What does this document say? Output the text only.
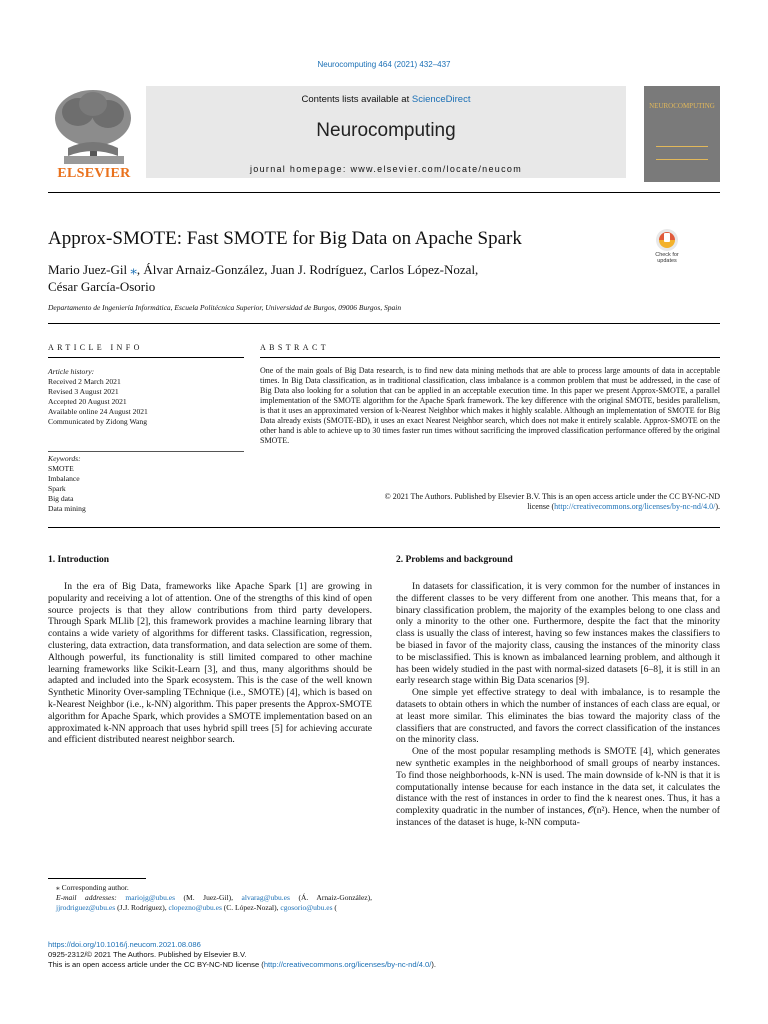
Neurocomputing 464 (2021) 432–437
ELSEVIER
Contents lists available at ScienceDirect
Neurocomputing
journal homepage: www.elsevier.com/locate/neucom
NEUROCOMPUTING
Approx-SMOTE: Fast SMOTE for Big Data on Apache Spark
Check for
updates
Mario Juez-Gil ⁎, Álvar Arnaiz-González, Juan J. Rodríguez, Carlos López-Nozal,
César García-Osorio
Departamento de Ingeniería Informática, Escuela Politécnica Superior, Universidad de Burgos, 09006 Burgos, Spain
ARTICLE INFO	ABSTRACT
Article history:
Received 2 March 2021
Revised 3 August 2021
Accepted 20 August 2021
Available online 24 August 2021
Communicated by Zidong Wang
Keywords:
SMOTE
Imbalance
Spark
Big data
Data mining
One of the main goals of Big Data research, is to find new data mining methods that are able to process large amounts of data in acceptable times. In Big Data classification, as in traditional classification, class imbalance is a common problem that must be addressed, in the case of Big Data also looking for a solution that can be applied in an acceptable execution time. In this paper we present Approx-SMOTE, a parallel implementation of the SMOTE algorithm for the Apache Spark framework. The key difference with the original SMOTE, besides parallelism, is that it uses an approximated version of k-Nearest Neighbor which makes it highly scalable. Although an implementation of SMOTE for Big Data already exists (SMOTE-BD), it uses an exact Nearest Neighbor search, which does not make it entirely scalable. Approx-SMOTE on the other hand is able to achieve up to 30 times faster run times without sacrificing the improved classification performance offered by the original SMOTE.
© 2021 The Authors. Published by Elsevier B.V. This is an open access article under the CC BY-NC-ND
license (http://creativecommons.org/licenses/by-nc-nd/4.0/).
1. Introduction	2. Problems and background

In the era of Big Data, frameworks like Apache Spark [1] are growing in popularity and receiving a lot of attention. One of the strengths of this kind of open source projects is that they allow contributions from third party developers. Through Spark MLlib [2], this framework provides a machine learning library that contains a wide variety of algorithms for different tasks. Classification, regression, clustering, data extraction, data transformation, and data selection are some of them. Although powerful, its functionality is still limited compared to other machine learning frameworks like Scikit-Learn [3], and thus, many algorithms should be adapted and included into the Spark ecosystem. This is the case of the well known Synthetic Minority Over-sampling TEchnique (i.e., SMOTE) [4], which is based on k-Nearest Neighbor (i.e., k-NN) algorithm. This paper presents the Approx-SMOTE algorithm for Apache Spark, which provides a SMOTE implementation based on an approximated k-NN approach that uses hybrid spill trees [5] for achieving accurate and efficient distributed nearest neighbor search.

In datasets for classification, it is very common for the number of instances in the different classes to be very different from one another. This means that, for a binary classification problem, the majority of the examples belong to one class and only a minority to the other one. Furthermore, despite the fact that the minority class is usually the class of interest, having so few instances makes the classifiers to be biased in favor of the majority class, causing the instances of the minority class to be misclassified. This is known as imbalanced learning problem, and although it has been widely studied in the past with normal-sized datasets [6–8], it is still in an early research stage within Big Data scenarios [9].

One simple yet effective strategy to deal with imbalance, is to resample the datasets to obtain others in which the number of instances of each class are equal, or at least more similar. This eliminates the bias toward the majority class of the classifiers that are constructed, and favors the correct classification of the instances on the minority class.

One of the most popular resampling methods is SMOTE [4], which generates new synthetic examples in the neighborhood of small groups of nearby instances. To find those neighborhoods, k-NN is used. The main downside of k-NN is that it is computationally intense because for each instance in the data set, it calculates the distance with the rest of instances in order to find the k nearest ones. Thus, it has a complexity quadratic in the number of instances, 𝒪(n²). Hence, when the number of instances of the dataset is huge, k-NN computa-

⁎ Corresponding author.
E-mail addresses: mariojg@ubu.es (M. Juez-Gil), alvarag@ubu.es (Á. Arnaiz-González), jjrodriguez@ubu.es (J.J. Rodríguez), clopezno@ubu.es (C. López-Nozal), cgosorio@ubu.es (
https://doi.org/10.1016/j.neucom.2021.08.086
0925-2312/© 2021 The Authors. Published by Elsevier B.V.
This is an open access article under the CC BY-NC-ND license (http://creativecommons.org/licenses/by-nc-nd/4.0/).
